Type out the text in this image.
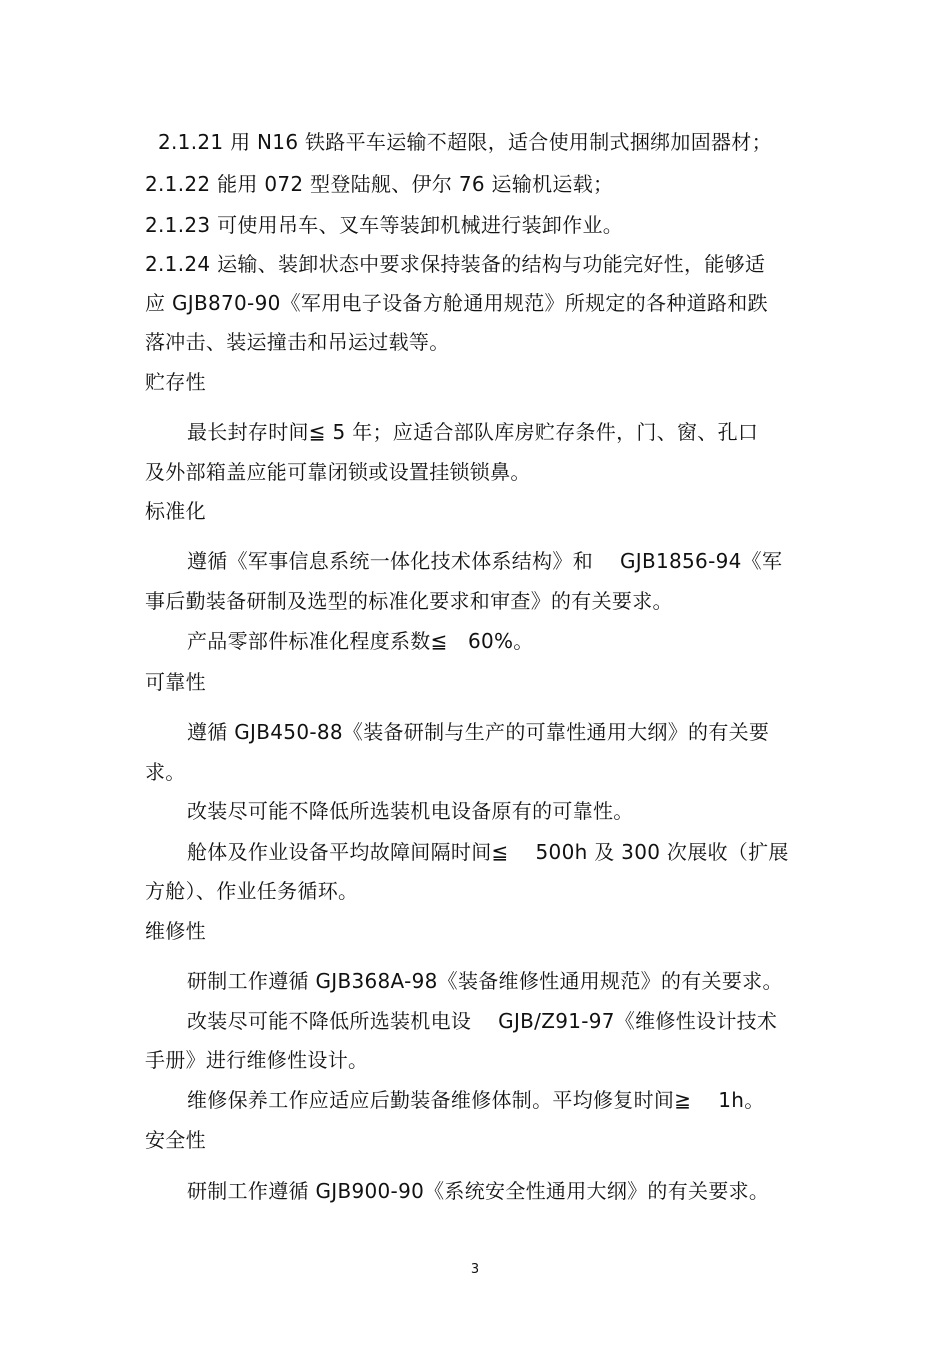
2.1.21 用 N16 铁路平车运输不超限，适合使用制式捆绑加固器材；
2.1.22 能用 072 型登陆舰、伊尔 76 运输机运载；
2.1.23 可使用吊车、叉车等装卸机械进行装卸作业。
2.1.24 运输、装卸状态中要求保持装备的结构与功能完好性，能够适
应 GJB870-90《军用电子设备方舱通用规范》所规定的各种道路和跌
落冲击、装运撞击和吊运过载等。
贮存性
最长封存时间≦ 5 年；应适合部队库房贮存条件，门、窗、孔口
及外部箱盖应能可靠闭锁或设置挂锁锁鼻。
标准化
遵循《军事信息系统一体化技术体系结构》和　 GJB1856-94《军
事后勤装备研制及选型的标准化要求和审查》的有关要求。
产品零部件标准化程度系数≦　60%。
可靠性
遵循 GJB450-88《装备研制与生产的可靠性通用大纲》的有关要
求。
改装尽可能不降低所选装机电设备原有的可靠性。
舱体及作业设备平均故障间隔时间≦　 500h 及 300 次展收（扩展
方舱）、作业任务循环。
维修性
研制工作遵循 GJB368A-98《装备维修性通用规范》的有关要求。
改装尽可能不降低所选装机电设　 GJB/Z91-97《维修性设计技术
手册》进行维修性设计。
维修保养工作应适应后勤装备维修体制。平均修复时间≧　 1h。
安全性
研制工作遵循 GJB900-90《系统安全性通用大纲》的有关要求。
3
